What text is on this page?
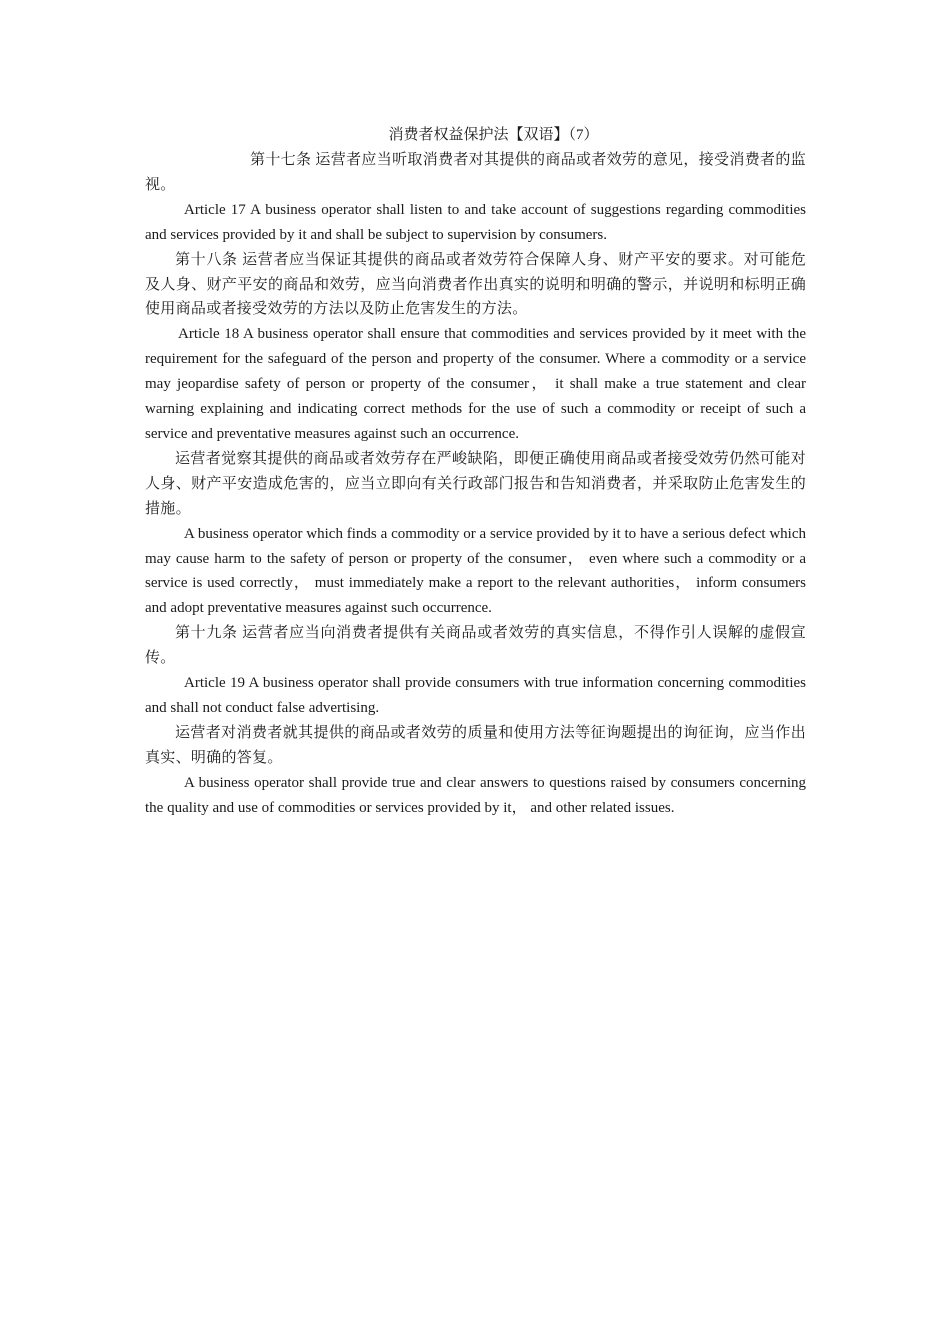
消费者权益保护法【双语】（7）

第十七条 运营者应当听取消费者对其提供的商品或者效劳的意见，接受消费者的监视。

Article 17 A business operator shall listen to and take account of suggestions regarding commodities and services provided by it and shall be subject to supervision by consumers.

第十八条 运营者应当保证其提供的商品或者效劳符合保障人身、财产平安的要求。对可能危及人身、财产平安的商品和效劳，应当向消费者作出真实的说明和明确的警示，并说明和标明正确使用商品或者接受效劳的方法以及防止危害发生的方法。

Article 18 A business operator shall ensure that commodities and services provided by it meet with the requirement for the safeguard of the person and property of the consumer. Where a commodity or a service may jeopardise safety of person or property of the consumer， it shall make a true statement and clear warning explaining and indicating correct methods for the use of such a commodity or receipt of such a service and preventative measures against such an occurrence.

运营者觉察其提供的商品或者效劳存在严峻缺陷，即便正确使用商品或者接受效劳仍然可能对人身、财产平安造成危害的，应当立即向有关行政部门报告和告知消费者，并采取防止危害发生的措施。

A business operator which finds a commodity or a service provided by it to have a serious defect which may cause harm to the safety of person or property of the consumer， even where such a commodity or a service is used correctly， must immediately make a report to the relevant authorities， inform consumers and adopt preventative measures against such occurrence.

第十九条 运营者应当向消费者提供有关商品或者效劳的真实信息，不得作引人误解的虚假宣传。

Article 19 A business operator shall provide consumers with true information concerning commodities and shall not conduct false advertising.

运营者对消费者就其提供的商品或者效劳的质量和使用方法等征询题提出的询征询，应当作出真实、明确的答复。

A business operator shall provide true and clear answers to questions raised by consumers concerning the quality and use of commodities or services provided by it， and other related issues.
